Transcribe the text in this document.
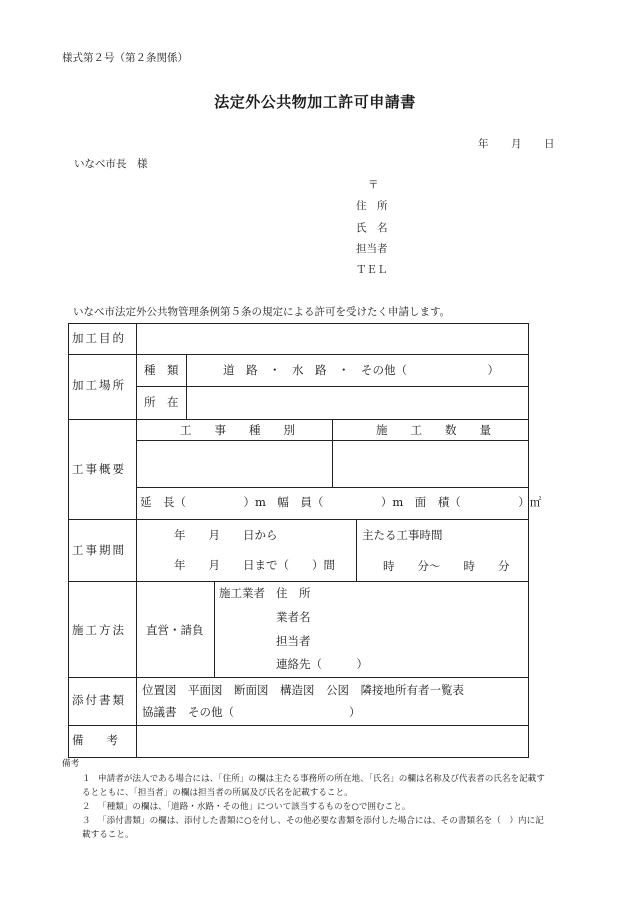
様式第２号（第２条関係）
法定外公共物加工許可申請書
年 月 日
いなべ市長　様
〒
住　所
氏　名
担当者
ＴＥＬ
いなべ市法定外公共物管理条例第５条の規定による許可を受けたく申請します。
加工目的
加工場所
種　類	道　路　・　水　路　・　その他（　　　　　　　）
所　在
工事概要
工　　事　　種　　別	施　　工　　数　　量
延　長（　　　　　）m　幅　員（　　　　　）m　面　積（　　　　　）㎡
工事期間
年　　月　　日から
年　　月　　日まで（　　）間
主たる工事時間
時　　分～　　時　　分
施工方法 直営・請負
施工業者 住　所
業者名
担当者
連絡先（　　　）
添付書類
位置図　平面図　断面図　構造図　公図　隣接地所有者一覧表
協議書　その他（　　　　　　　　　　）
備　　考
備考
１ 申請者が法人である場合には、「住所」の欄は主たる事務所の所在地、「氏名」の欄は名称及び代表者の氏名を記載す
るとともに、「担当者」の欄は担当者の所属及び氏名を記載すること。
２ 「種類」の欄は、「道路・水路・その他」について該当するものを○で囲むこと。
３ 「添付書類」の欄は、添付した書類に○を付し、その他必要な書類を添付した場合には、その書類名を（　）内に記
載すること。
